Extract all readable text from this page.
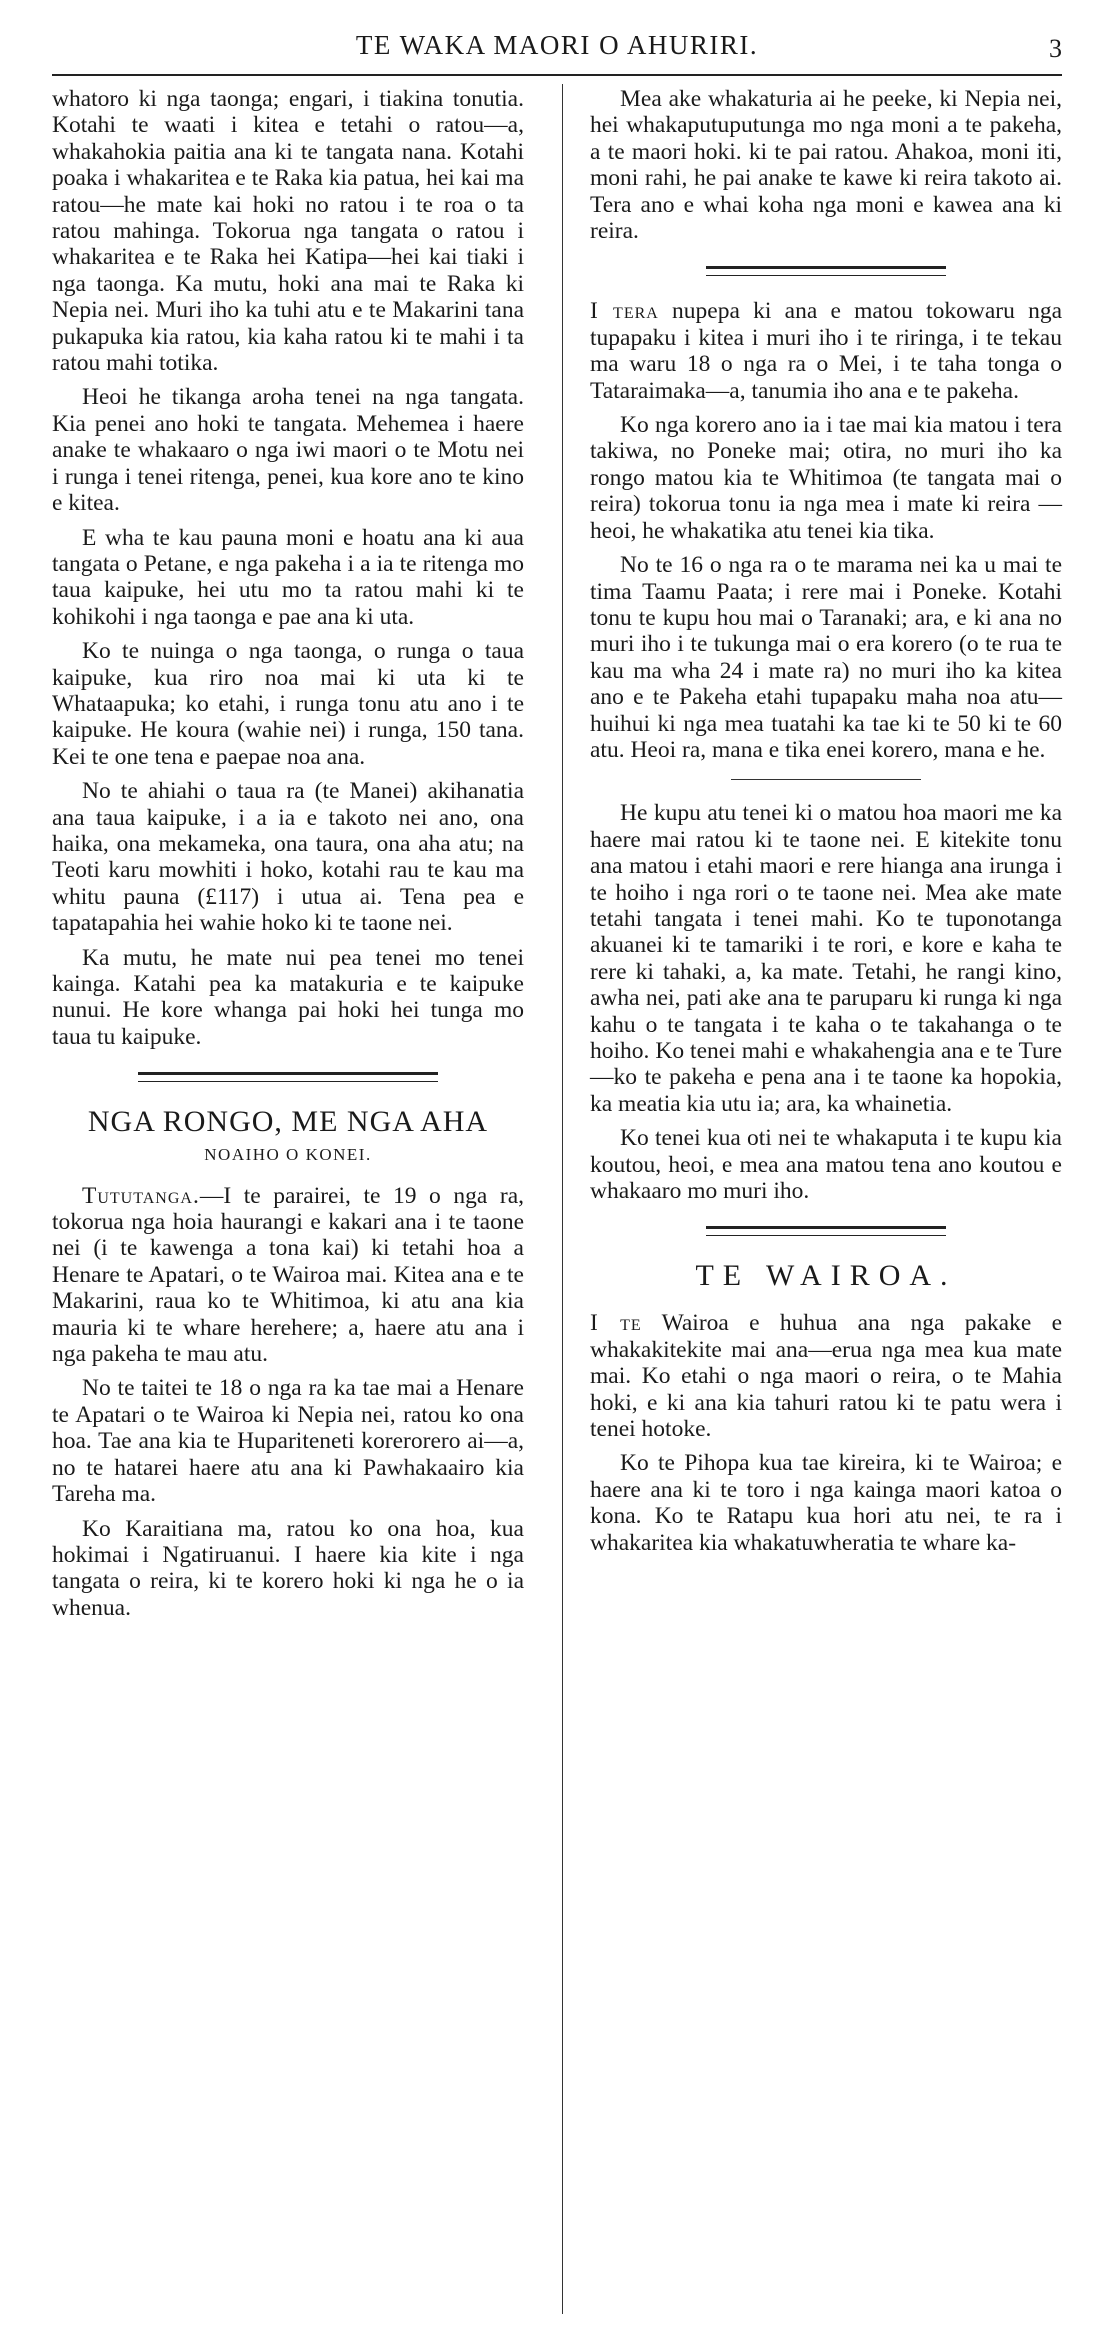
TE WAKA MAORI O AHURIRI.	3

whatoro ki nga taonga; engari, i tiakina tonutia. Kotahi te waati i kitea e tetahi o ratou—a, whakahokia paitia ana ki te tangata nana. Kotahi poaka i whakaritea e te Raka kia patua, hei kai ma ratou—he mate kai hoki no ratou i te roa o ta ratou mahinga. Tokorua nga tangata o ratou i whakaritea e te Raka hei Katipa—hei kai tiaki i nga taonga. Ka mutu, hoki ana mai te Raka ki Nepia nei. Muri iho ka tuhi atu e te Makarini tana pukapuka kia ratou, kia kaha ratou ki te mahi i ta ratou mahi totika.

Heoi he tikanga aroha tenei na nga tangata. Kia penei ano hoki te tangata. Mehemea i haere anake te whakaaro o nga iwi maori o te Motu nei i runga i tenei ritenga, penei, kua kore ano te kino e kitea.

E wha te kau pauna moni e hoatu ana ki aua tangata o Petane, e nga pakeha i a ia te ritenga mo taua kaipuke, hei utu mo ta ratou mahi ki te kohikohi i nga taonga e pae ana ki uta.

Ko te nuinga o nga taonga, o runga o taua kaipuke, kua riro noa mai ki uta ki te Whataapuka; ko etahi, i runga tonu atu ano i te kaipuke. He koura (wahie nei) i runga, 150 tana. Kei te one tena e paepae noa ana.

No te ahiahi o taua ra (te Manei) akihanatia ana taua kaipuke, i a ia e takoto nei ano, ona haika, ona mekameka, ona taura, ona aha atu; na Teoti karu mowhiti i hoko, kotahi rau te kau ma whitu pauna (£117) i utua ai. Tena pea e tapatapahia hei wahie hoko ki te taone nei.

Ka mutu, he mate nui pea tenei mo tenei kainga. Katahi pea ka matakuria e te kaipuke nunui. He kore whanga pai hoki hei tunga mo taua tu kaipuke.

NGA RONGO, ME NGA AHA
NOAIHO O KONEI.

Tututanga.—I te parairei, te 19 o nga ra, tokorua nga hoia haurangi e kakari ana i te taone nei (i te kawenga a tona kai) ki tetahi hoa a Henare te Apatari, o te Wairoa mai. Kitea ana e te Makarini, raua ko te Whitimoa, ki atu ana kia mauria ki te whare herehere; a, haere atu ana i nga pakeha te mau atu.

No te taitei te 18 o nga ra ka tae mai a Henare te Apatari o te Wairoa ki Nepia nei, ratou ko ona hoa. Tae ana kia te Hupariteneti korerorero ai—a, no te hatarei haere atu ana ki Pawhakaairo kia Tareha ma.

Ko Karaitiana ma, ratou ko ona hoa, kua hokimai i Ngatiruanui. I haere kia kite i nga tangata o reira, ki te korero hoki ki nga he o ia whenua.

Mea ake whakaturia ai he peeke, ki Nepia nei, hei whakaputuputunga mo nga moni a te pakeha, a te maori hoki. ki te pai ratou. Ahakoa, moni iti, moni rahi, he pai anake te kawe ki reira takoto ai. Tera ano e whai koha nga moni e kawea ana ki reira.

I tera nupepa ki ana e matou tokowaru nga tupapaku i kitea i muri iho i te riringa, i te tekau ma waru 18 o nga ra o Mei, i te taha tonga o Tataraimaka—a, tanumia iho ana e te pakeha.

Ko nga korero ano ia i tae mai kia matou i tera takiwa, no Poneke mai; otira, no muri iho ka rongo matou kia te Whitimoa (te tangata mai o reira) tokorua tonu ia nga mea i mate ki reira —heoi, he whakatika atu tenei kia tika.

No te 16 o nga ra o te marama nei ka u mai te tima Taamu Paata; i rere mai i Poneke. Kotahi tonu te kupu hou mai o Taranaki; ara, e ki ana no muri iho i te tukunga mai o era korero (o te rua te kau ma wha 24 i mate ra) no muri iho ka kitea ano e te Pakeha etahi tupapaku maha noa atu—huihui ki nga mea tuatahi ka tae ki te 50 ki te 60 atu. Heoi ra, mana e tika enei korero, mana e he.

He kupu atu tenei ki o matou hoa maori me ka haere mai ratou ki te taone nei. E kitekite tonu ana matou i etahi maori e rere hianga ana irunga i te hoiho i nga rori o te taone nei. Mea ake mate tetahi tangata i tenei mahi. Ko te tuponotanga akuanei ki te tamariki i te rori, e kore e kaha te rere ki tahaki, a, ka mate. Tetahi, he rangi kino, awha nei, pati ake ana te paruparu ki runga ki nga kahu o te tangata i te kaha o te takahanga o te hoiho. Ko tenei mahi e whakahengia ana e te Ture—ko te pakeha e pena ana i te taone ka hopokia, ka meatia kia utu ia; ara, ka whainetia.

Ko tenei kua oti nei te whakaputa i te kupu kia koutou, heoi, e mea ana matou tena ano koutou e whakaaro mo muri iho.

TE WAIROA.

I te Wairoa e huhua ana nga pakake e whakakitekite mai ana—erua nga mea kua mate mai. Ko etahi o nga maori o reira, o te Mahia hoki, e ki ana kia tahuri ratou ki te patu wera i tenei hotoke.

Ko te Pihopa kua tae kireira, ki te Wairoa; e haere ana ki te toro i nga kainga maori katoa o kona. Ko te Ratapu kua hori atu nei, te ra i whakaritea kia whakatuwheratia te whare ka-
